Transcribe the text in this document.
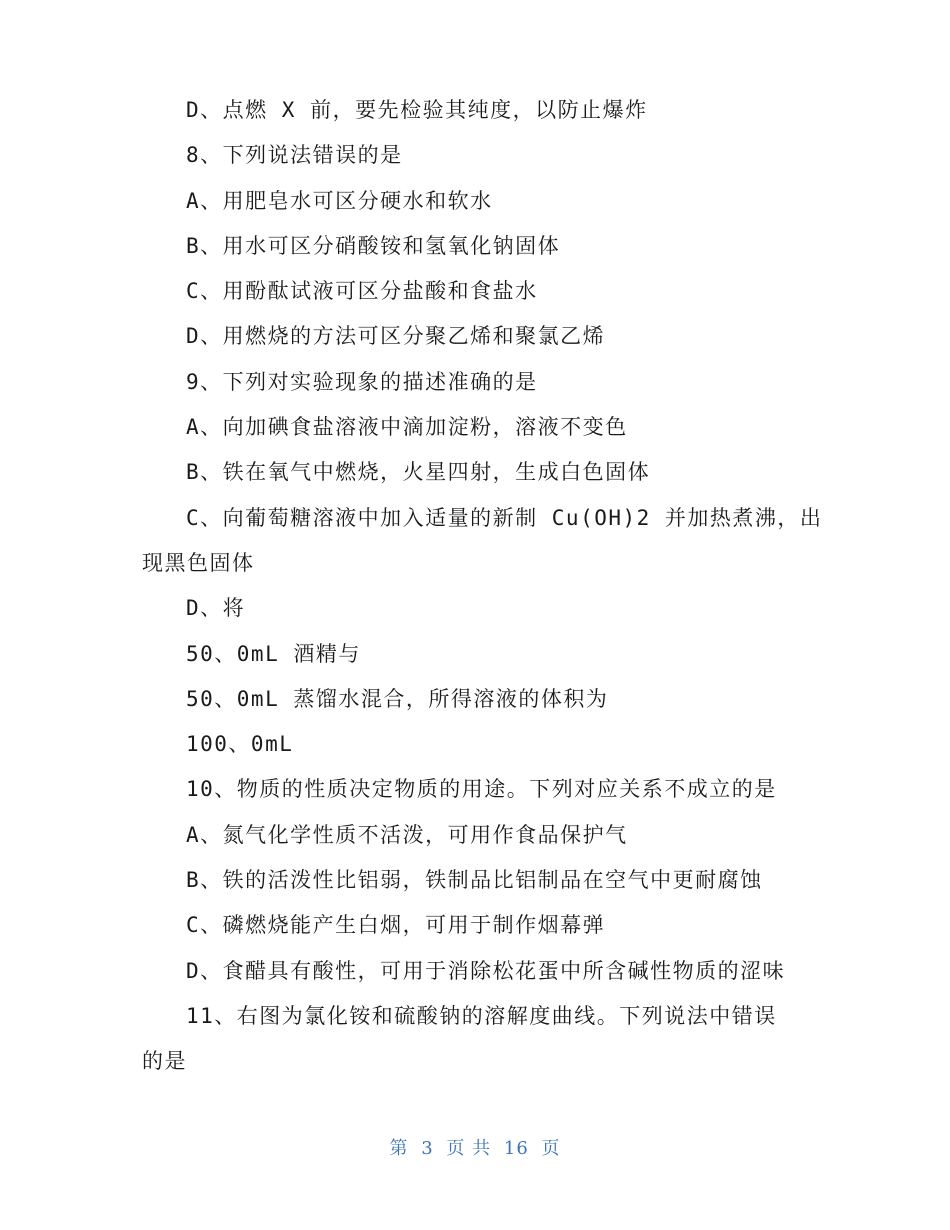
D、点燃 X 前，要先检验其纯度，以防止爆炸
8、下列说法错误的是
A、用肥皂水可区分硬水和软水
B、用水可区分硝酸铵和氢氧化钠固体
C、用酚酞试液可区分盐酸和食盐水
D、用燃烧的方法可区分聚乙烯和聚氯乙烯
9、下列对实验现象的描述准确的是
A、向加碘食盐溶液中滴加淀粉，溶液不变色
B、铁在氧气中燃烧，火星四射，生成白色固体
C、向葡萄糖溶液中加入适量的新制 Cu(OH)2 并加热煮沸，出
现黑色固体
D、将
50、0mL 酒精与
50、0mL 蒸馏水混合，所得溶液的体积为
100、0mL
10、物质的性质决定物质的用途。下列对应关系不成立的是
A、氮气化学性质不活泼，可用作食品保护气
B、铁的活泼性比铝弱，铁制品比铝制品在空气中更耐腐蚀
C、磷燃烧能产生白烟，可用于制作烟幕弹
D、食醋具有酸性，可用于消除松花蛋中所含碱性物质的涩味
11、右图为氯化铵和硫酸钠的溶解度曲线。下列说法中错误
的是
第 3 页 共 16 页
